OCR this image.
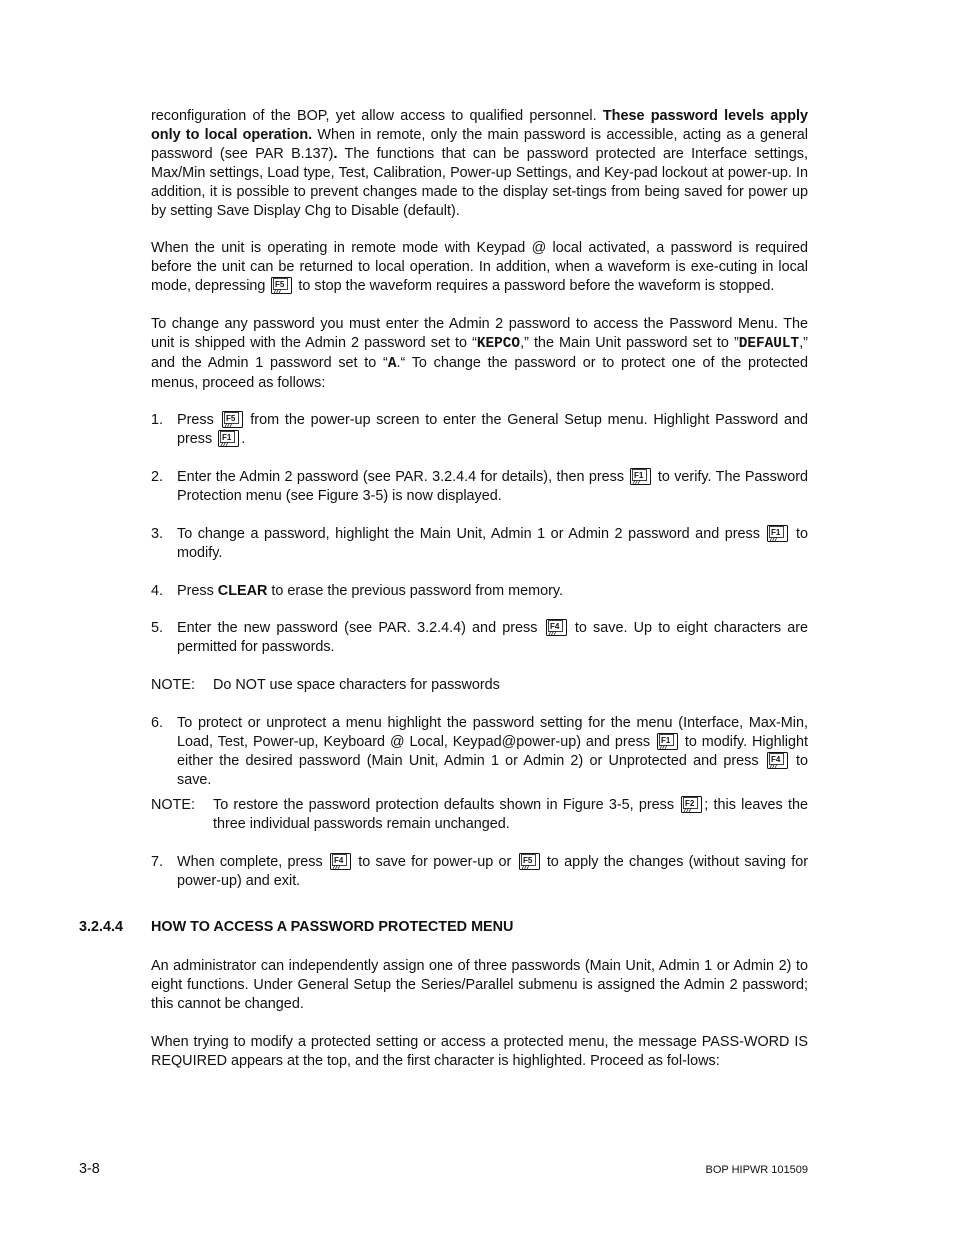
reconfiguration of the BOP, yet allow access to qualified personnel. These password levels apply only to local operation. When in remote, only the main password is accessible, acting as a general password (see PAR B.137). The functions that can be password protected are Interface settings, Max/Min settings, Load type, Test, Calibration, Power-up Settings, and Key-pad lockout at power-up. In addition, it is possible to prevent changes made to the display set-tings from being saved for power up by setting Save Display Chg to Disable (default).

When the unit is operating in remote mode with Keypad @ local activated, a password is required before the unit can be returned to local operation. In addition, when a waveform is exe-cuting in local mode, depressing F5 to stop the waveform requires a password before the waveform is stopped.

To change any password you must enter the Admin 2 password to access the Password Menu. The unit is shipped with the Admin 2 password set to “KEPCO,” the Main Unit password set to ”DEFAULT,” and the Admin 1 password set to “A.“ To change the password or to protect one of the protected menus, proceed as follows:

1. Press F5 from the power-up screen to enter the General Setup menu. Highlight Password and press F1 .
2. Enter the Admin 2 password (see PAR. 3.2.4.4 for details), then press F1 to verify. The Password Protection menu (see Figure 3-5) is now displayed.
3. To change a password, highlight the Main Unit, Admin 1 or Admin 2 password and press F1 to modify.
4. Press CLEAR to erase the previous password from memory.
5. Enter the new password (see PAR. 3.2.4.4) and press F4 to save. Up to eight characters are permitted for passwords.
NOTE: Do NOT use space characters for passwords
6. To protect or unprotect a menu highlight the password setting for the menu (Interface, Max-Min, Load, Test, Power-up, Keyboard @ Local, Keypad@power-up) and press F1 to modify. Highlight either the desired password (Main Unit, Admin 1 or Admin 2) or Unprotected and press F4 to save.
NOTE: To restore the password protection defaults shown in Figure 3-5, press F2 ; this leaves the three individual passwords remain unchanged.
7. When complete, press F4 to save for power-up or F5 to apply the changes (without saving for power-up) and exit.
3.2.4.4 HOW TO ACCESS A PASSWORD PROTECTED MENU

An administrator can independently assign one of three passwords (Main Unit, Admin 1 or Admin 2) to eight functions. Under General Setup the Series/Parallel submenu is assigned the Admin 2 password; this cannot be changed.

When trying to modify a protected setting or access a protected menu, the message PASS-WORD IS REQUIRED appears at the top, and the first character is highlighted. Proceed as fol-lows:

3-8	BOP HIPWR 101509
